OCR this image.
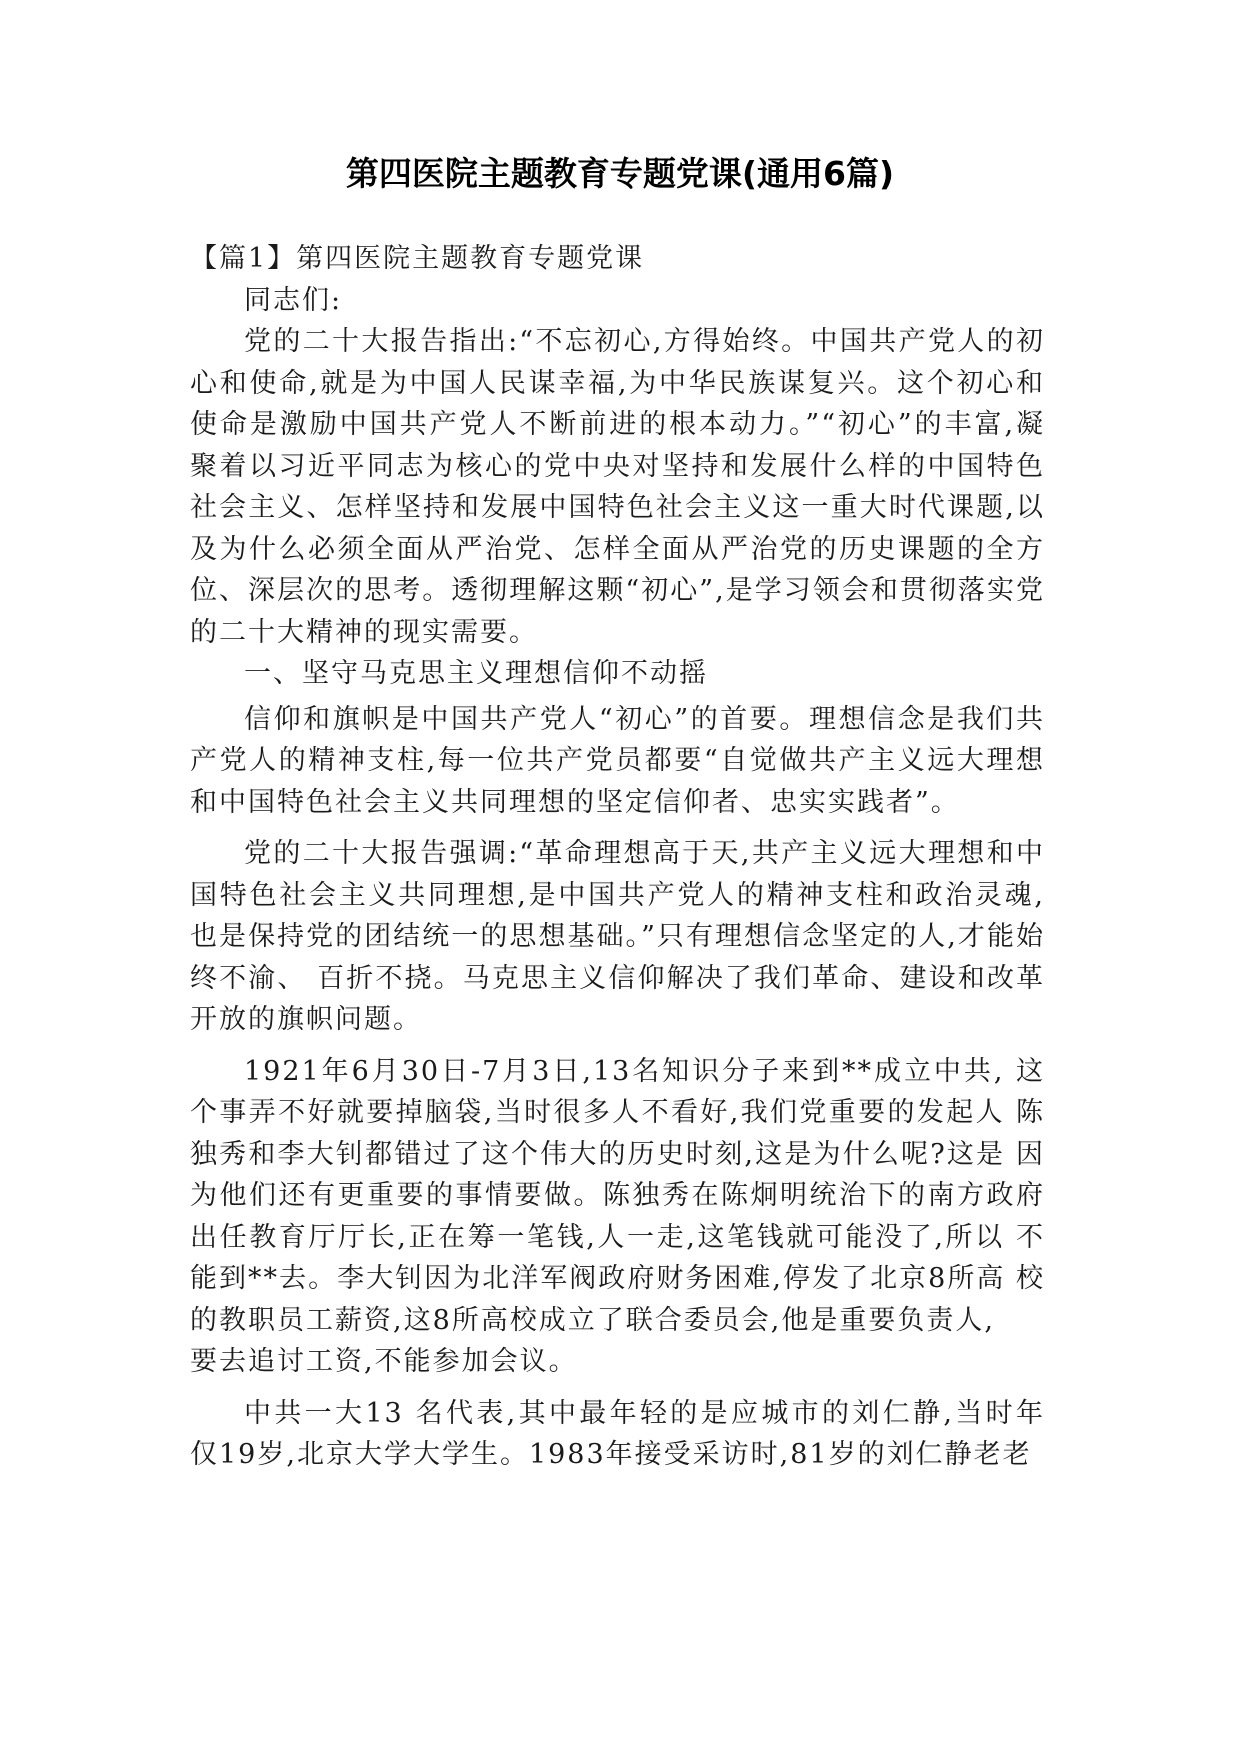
第四医院主题教育专题党课(通用6篇)

【篇1】第四医院主题教育专题党课

同志们:

党的二十大报告指出:“不忘初心,方得始终。中国共产党人的初心和使命,就是为中国人民谋幸福,为中华民族谋复兴。这个初心和使命是激励中国共产党人不断前进的根本动力。”“初心”的丰富,凝聚着以习近平同志为核心的党中央对坚持和发展什么样的中国特色社会主义、怎样坚持和发展中国特色社会主义这一重大时代课题,以及为什么必须全面从严治党、怎样全面从严治党的历史课题的全方位、深层次的思考。透彻理解这颗“初心”,是学习领会和贯彻落实党的二十大精神的现实需要。

一、坚守马克思主义理想信仰不动摇

信仰和旗帜是中国共产党人“初心”的首要。理想信念是我们共产党人的精神支柱,每一位共产党员都要“自觉做共产主义远大理想和中国特色社会主义共同理想的坚定信仰者、忠实实践者”。

党的二十大报告强调:“革命理想高于天,共产主义远大理想和中国特色社会主义共同理想,是中国共产党人的精神支柱和政治灵魂,也是保持党的团结统一的思想基础。”只有理想信念坚定的人,才能始终不渝、 百折不挠。马克思主义信仰解决了我们革命、建设和改革开放的旗帜问题。

1921年6月30日-7月3日,13名知识分子来到**成立中共, 这个事弄不好就要掉脑袋,当时很多人不看好,我们党重要的发起人 陈独秀和李大钊都错过了这个伟大的历史时刻,这是为什么呢?这是 因为他们还有更重要的事情要做。陈独秀在陈炯明统治下的南方政府 出任教育厅厅长,正在筹一笔钱,人一走,这笔钱就可能没了,所以 不能到**去。李大钊因为北洋军阀政府财务困难,停发了北京8所高 校的教职员工薪资,这8所高校成立了联合委员会,他是重要负责人,

要去追讨工资,不能参加会议。

中共一大13 名代表,其中最年轻的是应城市的刘仁静,当时年 仅19岁,北京大学大学生。1983年接受采访时,81岁的刘仁静老老
